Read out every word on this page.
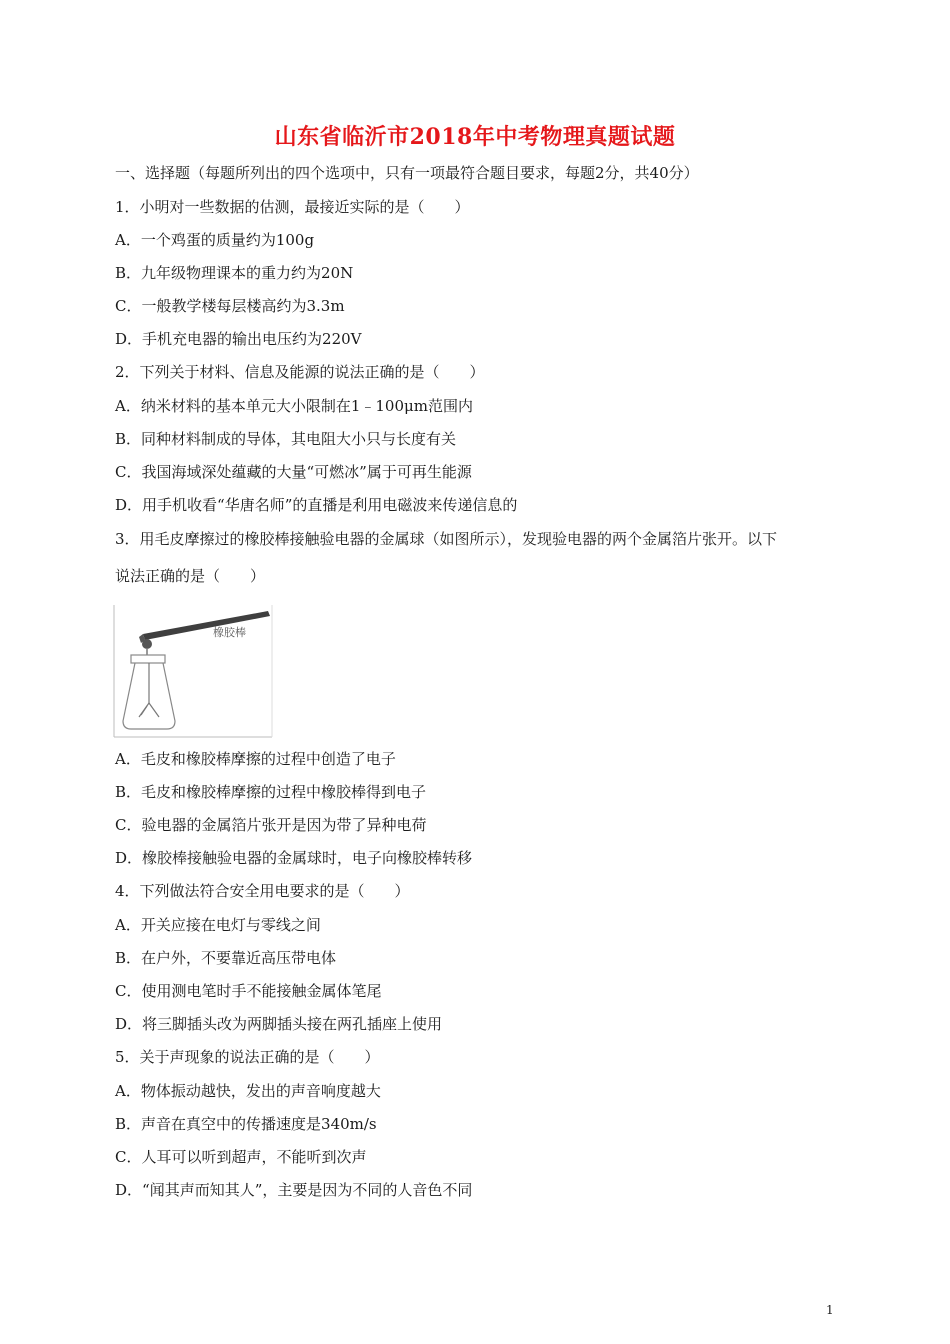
山东省临沂市2018年中考物理真题试题
一、选择题（每题所列出的四个选项中，只有一项最符合题目要求，每题2分，共40分）
1．小明对一些数据的估测，最接近实际的是（　　）
A．一个鸡蛋的质量约为100g
B．九年级物理课本的重力约为20N
C．一般教学楼每层楼高约为3.3m
D．手机充电器的输出电压约为220V
2．下列关于材料、信息及能源的说法正确的是（　　）
A．纳米材料的基本单元大小限制在1﹣100μm范围内
B．同种材料制成的导体，其电阻大小只与长度有关
C．我国海域深处蕴藏的大量“可燃冰”属于可再生能源
D．用手机收看“华唐名师”的直播是利用电磁波来传递信息的
3．用毛皮摩擦过的橡胶棒接触验电器的金属球（如图所示），发现验电器的两个金属箔片张开。以下
说法正确的是（　　）
橡胶棒
A．毛皮和橡胶棒摩擦的过程中创造了电子
B．毛皮和橡胶棒摩擦的过程中橡胶棒得到电子
C．验电器的金属箔片张开是因为带了异种电荷
D．橡胶棒接触验电器的金属球时，电子向橡胶棒转移
4．下列做法符合安全用电要求的是（　　）
A．开关应接在电灯与零线之间
B．在户外，不要靠近高压带电体
C．使用测电笔时手不能接触金属体笔尾
D．将三脚插头改为两脚插头接在两孔插座上使用
5．关于声现象的说法正确的是（　　）
A．物体振动越快，发出的声音响度越大
B．声音在真空中的传播速度是340m/s
C．人耳可以听到超声，不能听到次声
D．“闻其声而知其人”，主要是因为不同的人音色不同
1
